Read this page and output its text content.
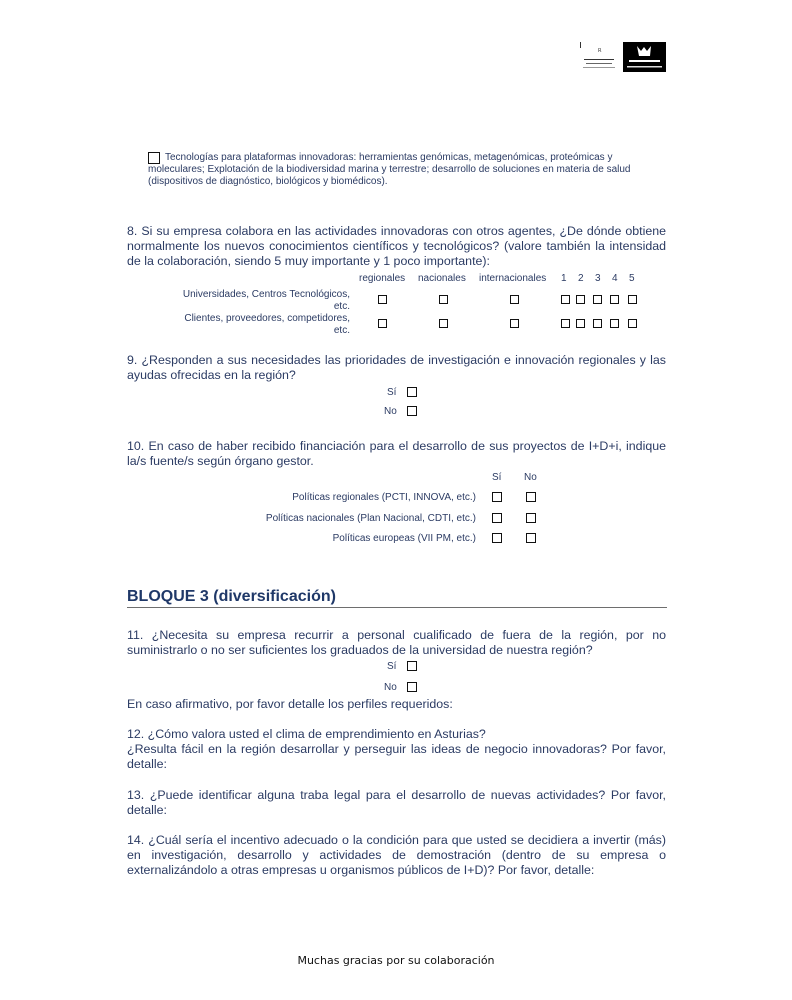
R
Tecnologías para plataformas innovadoras: herramientas genómicas, metagenómicas, proteómicas y moleculares; Explotación de la biodiversidad marina y terrestre; desarrollo de soluciones en materia de salud (dispositivos de diagnóstico, biológicos y biomédicos).
8. Si su empresa colabora en las actividades innovadoras con otros agentes, ¿De dónde obtiene normalmente los nuevos conocimientos científicos y tecnológicos? (valore también la intensidad de la colaboración, siendo 5 muy importante y 1 poco importante):
regionales nacionales internacionales 1 2 3 4 5
Universidades, Centros Tecnológicos,
etc.
Clientes, proveedores, competidores,
etc.
9. ¿Responden a sus necesidades las prioridades de investigación e innovación regionales y las ayudas ofrecidas en la región?
Sí
No
10. En caso de haber recibido financiación para el desarrollo de sus proyectos de I+D+i, indique la/s fuente/s según órgano gestor.
Sí No
Políticas regionales (PCTI, INNOVA, etc.)
Políticas nacionales (Plan Nacional, CDTI, etc.)
Políticas europeas (VII PM, etc.)
BLOQUE 3 (diversificación)
11. ¿Necesita su empresa recurrir a personal cualificado de fuera de la región, por no suministrarlo o no ser suficientes los graduados de la universidad de nuestra región?
Sí
No
En caso afirmativo, por favor detalle los perfiles requeridos:
12. ¿Cómo valora usted el clima de emprendimiento en Asturias?
¿Resulta fácil en la región desarrollar y perseguir las ideas de negocio innovadoras? Por favor, detalle:
13. ¿Puede identificar alguna traba legal para el desarrollo de nuevas actividades? Por favor, detalle:
14. ¿Cuál sería el incentivo adecuado o la condición para que usted se decidiera a invertir (más) en investigación, desarrollo y actividades de demostración (dentro de su empresa o externalizándolo a otras empresas u organismos públicos de I+D)? Por favor, detalle:
Muchas gracias por su colaboración
